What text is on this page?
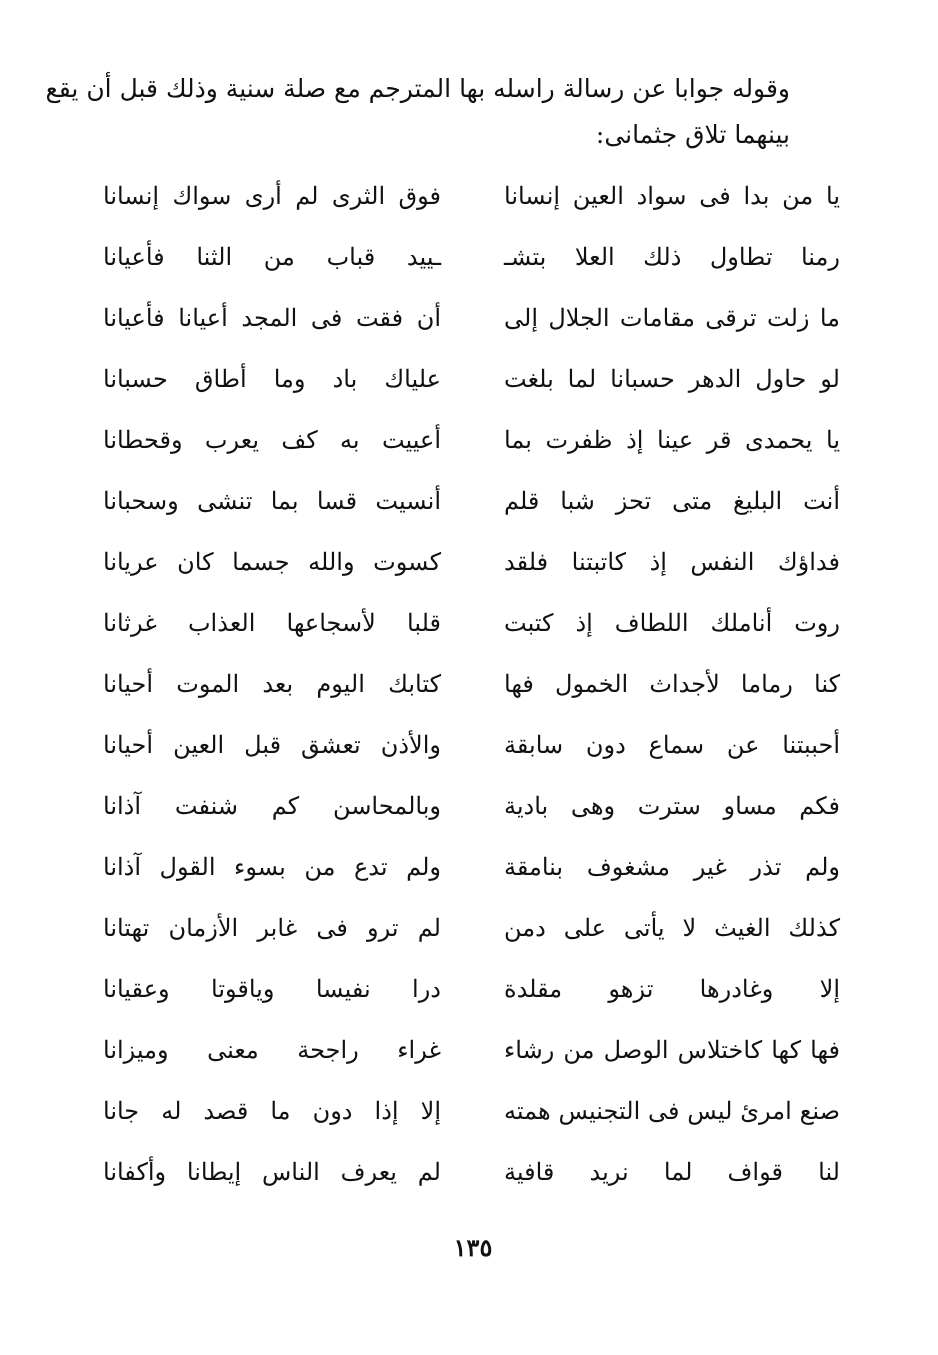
وقوله جوابا عن رسالة راسله بها المترجم مع صلة سنية وذلك قبل أن يقع
بينهما تلاق جثمانى:
يا من بدا فى سواد العين إنسانا
فوق الثرى لم أرى سواك إنسانا
رمنا تطاول ذلك العلا بتشـ
ـييد قباب من الثنا فأعيانا
ما زلت ترقى مقامات الجلال إلى
أن فقت فى المجد أعيانا فأعيانا
لو حاول الدهر حسبانا لما بلغت
علياك باد وما أطاق حسبانا
يا يحمدى قر عينا إذ ظفرت بما
أعييت به كف يعرب وقحطانا
أنت البليغ متى تحز شبا قلم
أنسيت قسا بما تنشى وسحبانا
فداؤك النفس إذ كاتبتنا فلقد
كسوت والله جسما كان عريانا
روت أناملك اللطاف إذ كتبت
قلبا لأسجاعها العذاب غرثانا
كنا رماما لأجداث الخمول فها
كتابك اليوم بعد الموت أحيانا
أحببتنا عن سماع دون سابقة
والأذن تعشق قبل العين أحيانا
فكم مساو سترت وهى بادية
وبالمحاسن كم شنفت آذانا
ولم تذر غير مشغوف بنامقة
ولم تدع من بسوء القول آذانا
كذلك الغيث لا يأتى على دمن
لم ترو فى غابر الأزمان تهتانا
إلا وغادرها تزهو مقلدة
درا نفيسا وياقوتا وعقيانا
فها كها كاختلاس الوصل من رشاء
غراء راجحة معنى وميزانا
صنع امرئ ليس فى التجنيس همته
إلا إذا دون ما قصد له جانا
لنا قواف لما نريد قافية
لم يعرف الناس إيطانا وأكفانا
١٣٥
